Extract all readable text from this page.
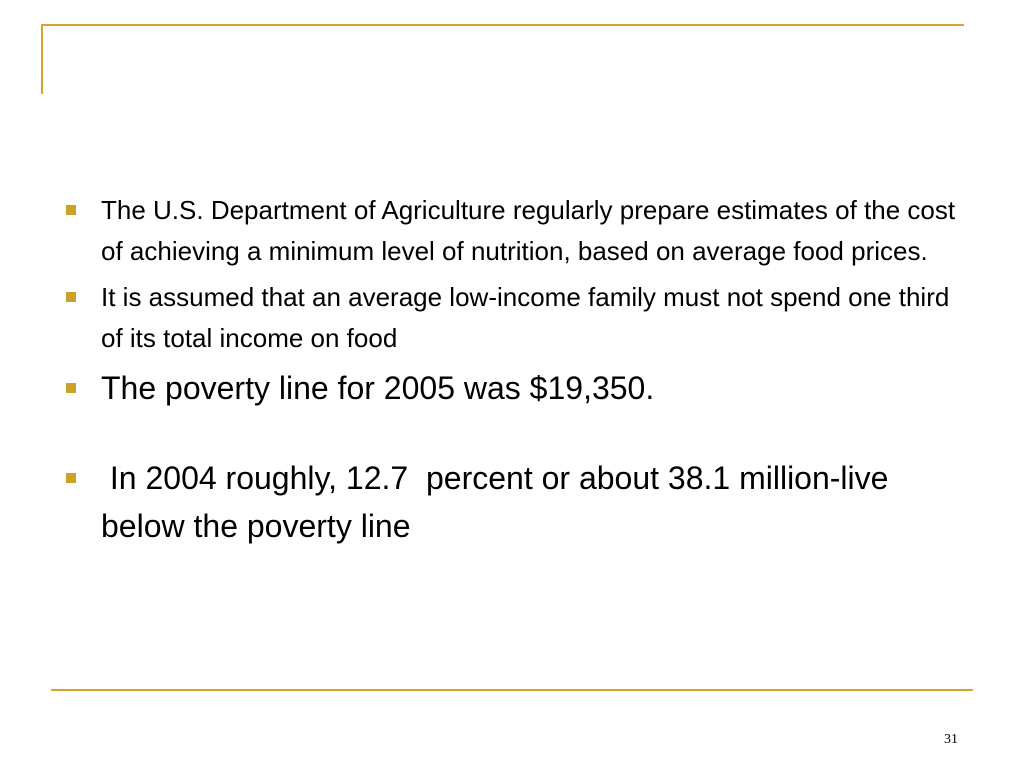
The U.S. Department of Agriculture regularly prepare estimates of the cost of achieving a minimum level of nutrition, based on average food prices.
It is assumed that an average low-income family must not spend one third of its total income on food
The poverty line for 2005 was $19,350.
In 2004 roughly, 12.7  percent or about 38.1 million-live below the poverty line
31
